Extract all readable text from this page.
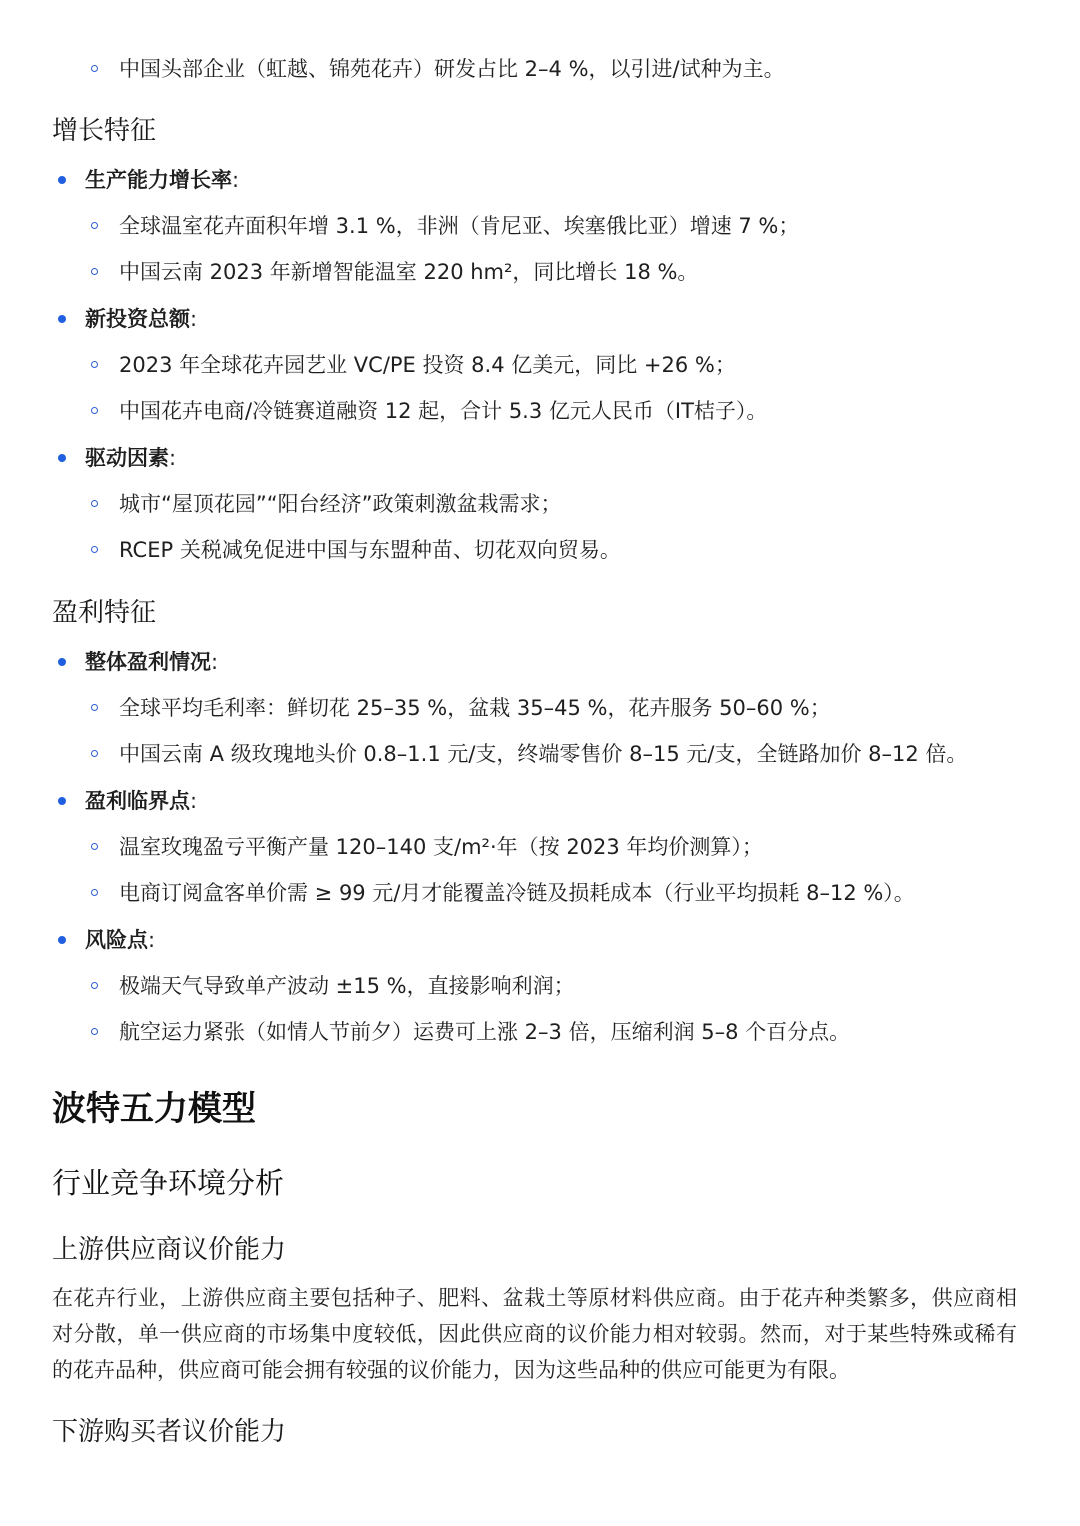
中国头部企业（虹越、锦苑花卉）研发占比 2–4 %，以引进/试种为主。
增长特征
生产能力增长率:
全球温室花卉面积年增 3.1 %，非洲（肯尼亚、埃塞俄比亚）增速 7 %；
中国云南 2023 年新增智能温室 220 hm²，同比增长 18 %。
新投资总额:
2023 年全球花卉园艺业 VC/PE 投资 8.4 亿美元，同比 +26 %；
中国花卉电商/冷链赛道融资 12 起，合计 5.3 亿元人民币（IT桔子）。
驱动因素:
城市“屋顶花园”“阳台经济”政策刺激盆栽需求；
RCEP 关税减免促进中国与东盟种苗、切花双向贸易。
盈利特征
整体盈利情况:
全球平均毛利率：鲜切花 25–35 %，盆栽 35–45 %，花卉服务 50–60 %；
中国云南 A 级玫瑰地头价 0.8–1.1 元/支，终端零售价 8–15 元/支，全链路加价 8–12 倍。
盈利临界点:
温室玫瑰盈亏平衡产量 120–140 支/m²·年（按 2023 年均价测算）；
电商订阅盒客单价需 ≥ 99 元/月才能覆盖冷链及损耗成本（行业平均损耗 8–12 %）。
风险点:
极端天气导致单产波动 ±15 %，直接影响利润；
航空运力紧张（如情人节前夕）运费可上涨 2–3 倍，压缩利润 5–8 个百分点。
波特五力模型
行业竞争环境分析
上游供应商议价能力
在花卉行业，上游供应商主要包括种子、肥料、盆栽土等原材料供应商。由于花卉种类繁多，供应商相对分散，单一供应商的市场集中度较低，因此供应商的议价能力相对较弱。然而，对于某些特殊或稀有的花卉品种，供应商可能会拥有较强的议价能力，因为这些品种的供应可能更为有限。
下游购买者议价能力
